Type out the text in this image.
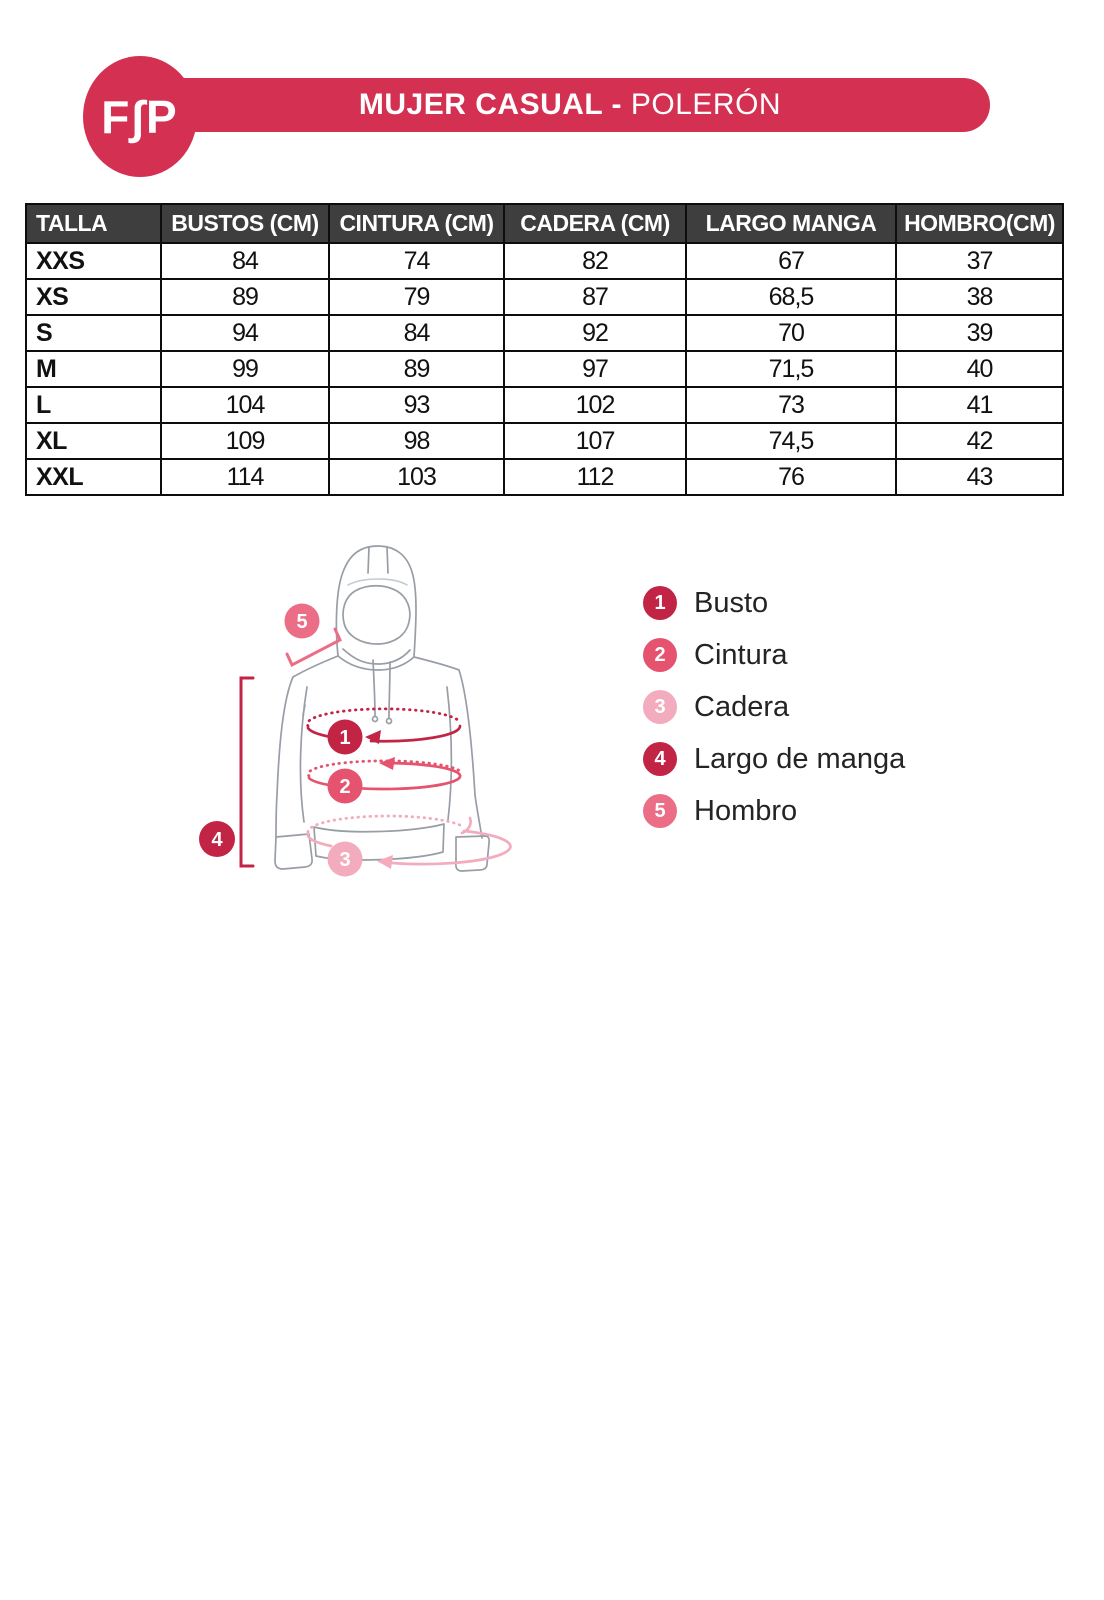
F∫P	MUJER CASUAL - POLERÓN
TALLA	BUSTOS (CM)	CINTURA (CM)	CADERA (CM)	LARGO MANGA	HOMBRO(CM)
XXS	84	74	82	67	37
XS	89	79	87	68,5	38
S	94	84	92	70	39
M	99	89	97	71,5	40
L	104	93	102	73	41
XL	109	98	107	74,5	42
XXL	114	103	112	76	43
1
2
3
4
5
1 Busto
2 Cintura
3 Cadera
4 Largo de manga
5 Hombro
